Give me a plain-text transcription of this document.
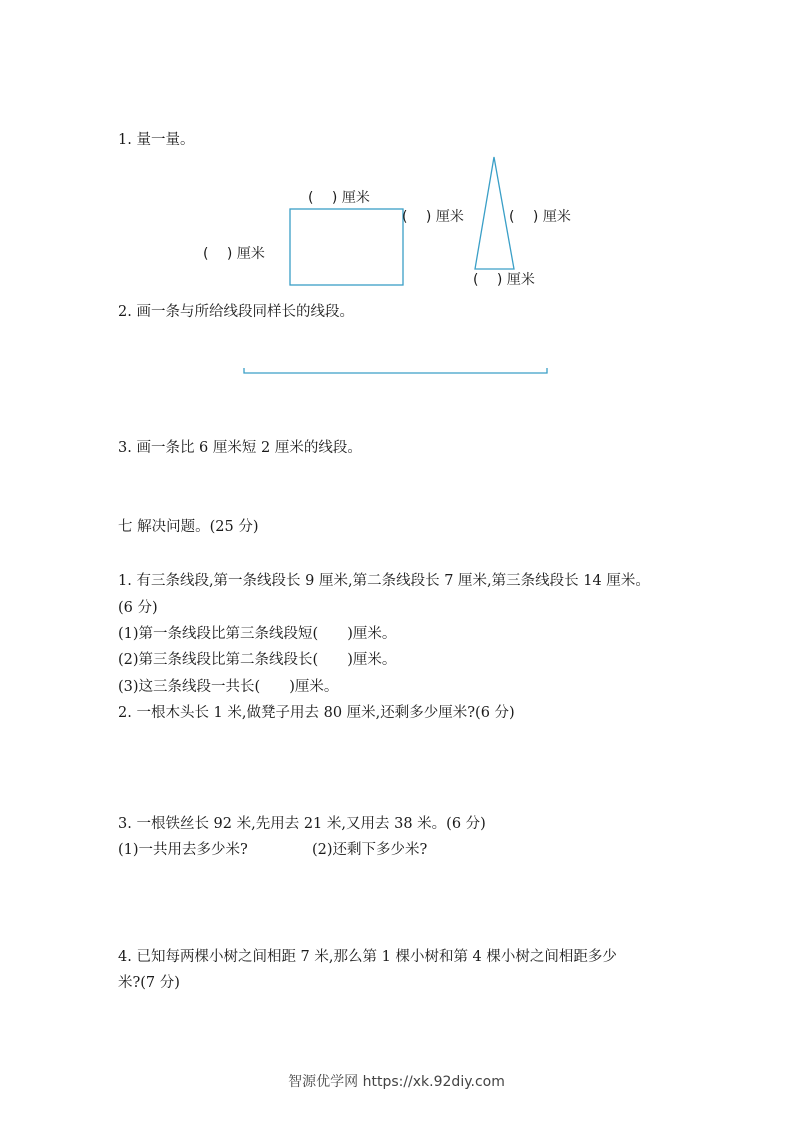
1. 量一量。
(　 ) 厘米
(　 ) 厘米
(　 ) 厘米	(　 ) 厘米
(　 ) 厘米
2. 画一条与所给线段同样长的线段。
3. 画一条比 6 厘米短 2 厘米的线段。
七 解决问题。(25 分)
1. 有三条线段,第一条线段长 9 厘米,第二条线段长 7 厘米,第三条线段长 14 厘米。
(6 分)
(1)第一条线段比第三条线段短(　　)厘米。
(2)第三条线段比第二条线段长(　　)厘米。
(3)这三条线段一共长(　　)厘米。
2. 一根木头长 1 米,做凳子用去 80 厘米,还剩多少厘米?(6 分)
3. 一根铁丝长 92 米,先用去 21 米,又用去 38 米。(6 分)
(1)一共用去多少米?	(2)还剩下多少米?
4. 已知每两棵小树之间相距 7 米,那么第 1 棵小树和第 4 棵小树之间相距多少
米?(7 分)
智源优学网 https://xk.92diy.com
